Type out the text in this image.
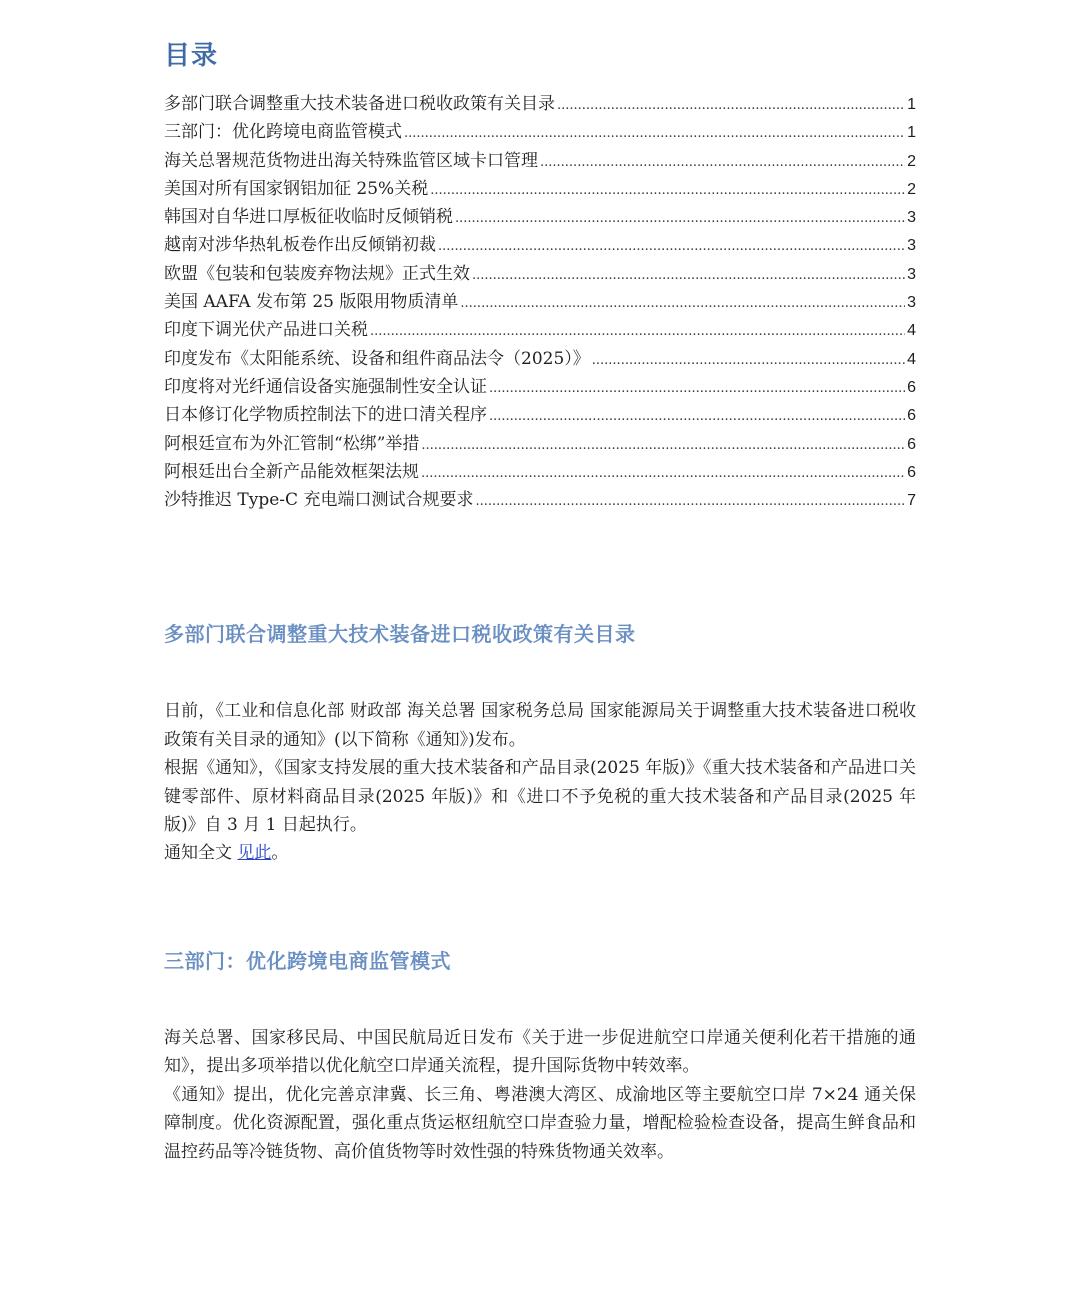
目录
多部门联合调整重大技术装备进口税收政策有关目录 .....	1
三部门：优化跨境电商监管模式 .....	1
海关总署规范货物进出海关特殊监管区域卡口管理 .....	2
美国对所有国家钢铝加征 25%关税 .....	2
韩国对自华进口厚板征收临时反倾销税 .....	3
越南对涉华热轧板卷作出反倾销初裁 .....	3
欧盟《包装和包装废弃物法规》正式生效 .....	3
美国 AAFA 发布第 25 版限用物质清单 .....	3
印度下调光伏产品进口关税 .....	4
印度发布《太阳能系统、设备和组件商品法令（2025）》 .....	4
印度将对光纤通信设备实施强制性安全认证 .....	6
日本修订化学物质控制法下的进口清关程序 .....	6
阿根廷宣布为外汇管制“松绑”举措 .....	6
阿根廷出台全新产品能效框架法规 .....	6
沙特推迟 Type-C 充电端口测试合规要求 .....	7
多部门联合调整重大技术装备进口税收政策有关目录

日前，《工业和信息化部 财政部 海关总署 国家税务总局 国家能源局关于调整重大技术装备进口税收政策有关目录的通知》(以下简称《通知》)发布。

根据《通知》，《国家支持发展的重大技术装备和产品目录(2025 年版)》《重大技术装备和产品进口关键零部件、原材料商品目录(2025 年版)》和《进口不予免税的重大技术装备和产品目录(2025 年版)》自 3 月 1 日起执行。

通知全文 见此。

三部门：优化跨境电商监管模式

海关总署、国家移民局、中国民航局近日发布《关于进一步促进航空口岸通关便利化若干措施的通知》，提出多项举措以优化航空口岸通关流程，提升国际货物中转效率。

《通知》提出，优化完善京津冀、长三角、粤港澳大湾区、成渝地区等主要航空口岸 7×24 通关保障制度。优化资源配置，强化重点货运枢纽航空口岸查验力量，增配检验检查设备，提高生鲜食品和温控药品等冷链货物、高价值货物等时效性强的特殊货物通关效率。
